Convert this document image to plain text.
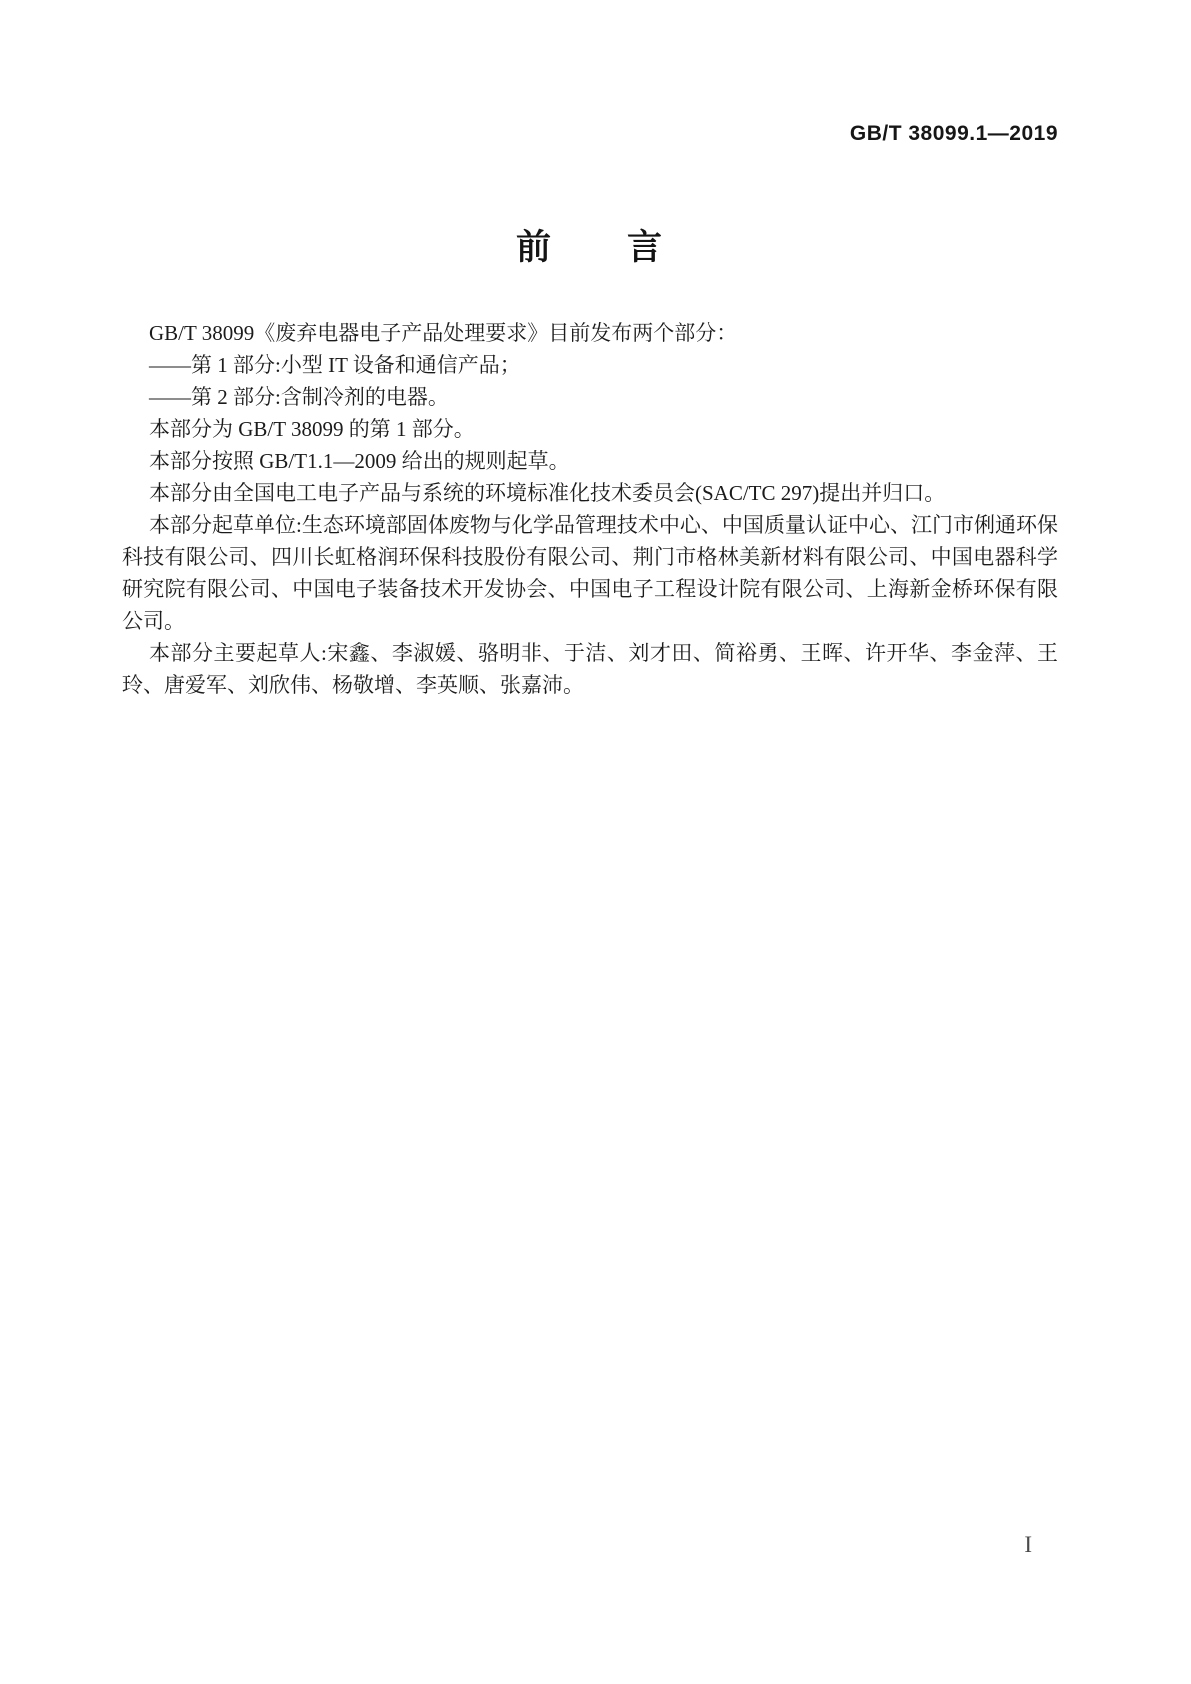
GB/T 38099.1—2019
前　　言

GB/T 38099《废弃电器电子产品处理要求》目前发布两个部分：

——第 1 部分:小型 IT 设备和通信产品；

——第 2 部分:含制冷剂的电器。

本部分为 GB/T 38099 的第 1 部分。

本部分按照 GB/T1.1—2009 给出的规则起草。

本部分由全国电工电子产品与系统的环境标准化技术委员会(SAC/TC 297)提出并归口。

本部分起草单位:生态环境部固体废物与化学品管理技术中心、中国质量认证中心、江门市俐通环保科技有限公司、四川长虹格润环保科技股份有限公司、荆门市格林美新材料有限公司、中国电器科学研究院有限公司、中国电子装备技术开发协会、中国电子工程设计院有限公司、上海新金桥环保有限公司。

本部分主要起草人:宋鑫、李淑媛、骆明非、于洁、刘才田、简裕勇、王晖、许开华、李金萍、王玲、唐爱军、刘欣伟、杨敬增、李英顺、张嘉沛。

I
